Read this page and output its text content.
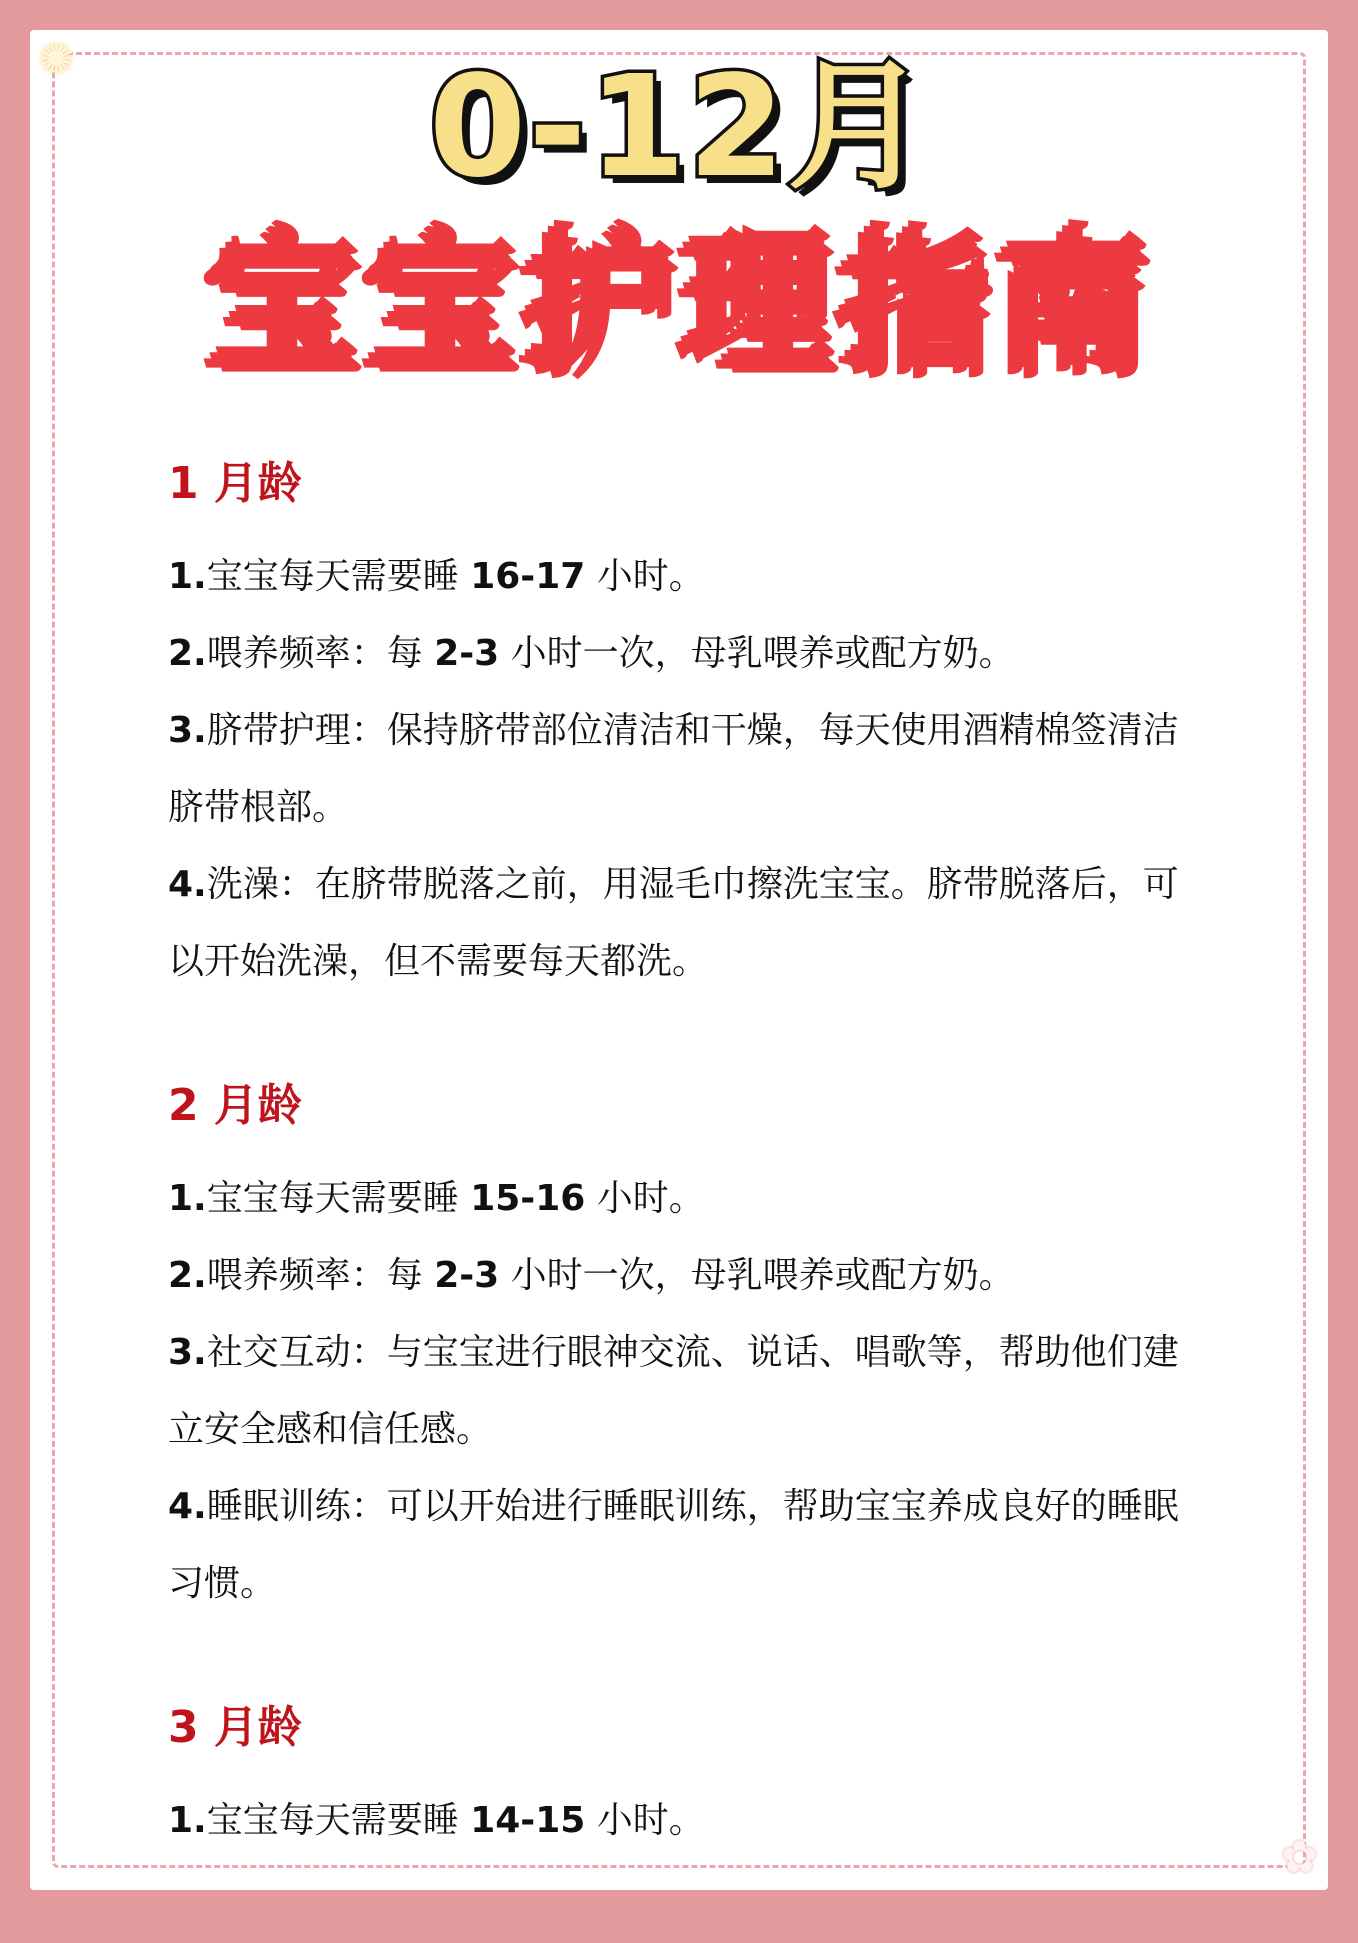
✺
✿
0-12月
宝宝护理指南

1 月龄

1.宝宝每天需要睡 16-17 小时。

2.喂养频率：每 2-3 小时一次，母乳喂养或配方奶。

3.脐带护理：保持脐带部位清洁和干燥，每天使用酒精棉签清洁脐带根部。

4.洗澡：在脐带脱落之前，用湿毛巾擦洗宝宝。脐带脱落后，可以开始洗澡，但不需要每天都洗。

2 月龄

1.宝宝每天需要睡 15-16 小时。

2.喂养频率：每 2-3 小时一次，母乳喂养或配方奶。

3.社交互动：与宝宝进行眼神交流、说话、唱歌等，帮助他们建立安全感和信任感。

4.睡眠训练：可以开始进行睡眠训练，帮助宝宝养成良好的睡眠习惯。

3 月龄

1.宝宝每天需要睡 14-15 小时。
